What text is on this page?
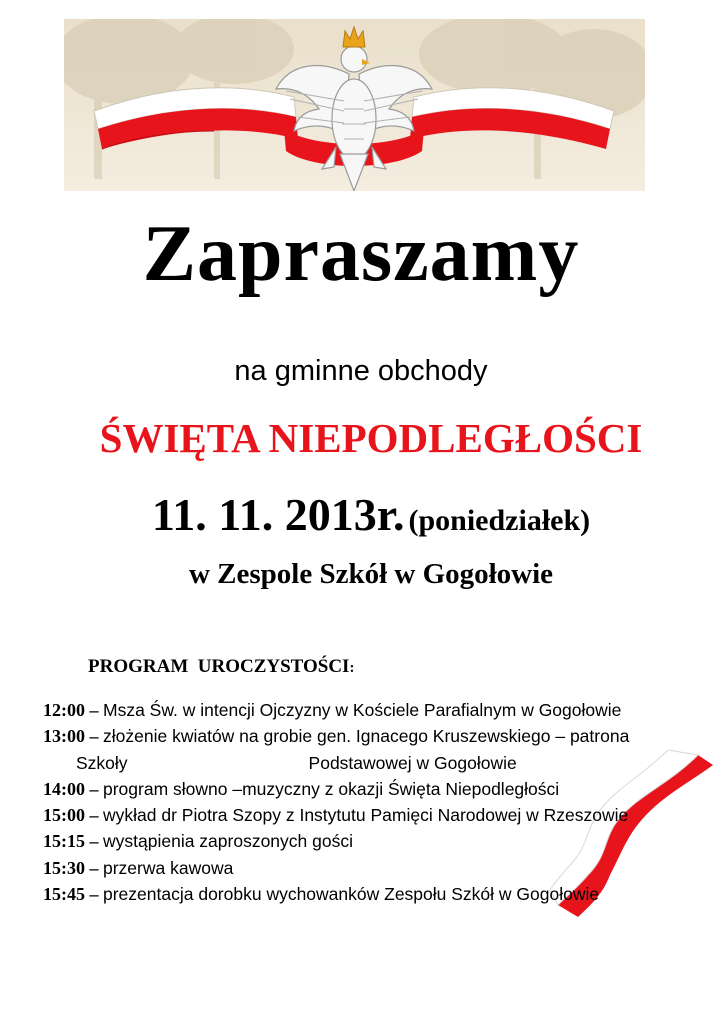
Zapraszamy
na gminne obchody
ŚWIĘTA NIEPODLEGŁOŚCI
11. 11. 2013r. (poniedziałek)
w Zespole Szkół w Gogołowie
PROGRAM  UROCZYSTOŚCI:
12:00 – Msza Św. w intencji Ojczyzny w Kościele Parafialnym w Gogołowie
13:00 – złożenie kwiatów na grobie gen. Ignacego Kruszewskiego – patrona
Szkoły	Podstawowej w Gogołowie
14:00 – program słowno –muzyczny z okazji Święta Niepodległości
15:00 – wykład dr Piotra Szopy z Instytutu Pamięci Narodowej w Rzeszowie
15:15 – wystąpienia zaproszonych gości
15:30 – przerwa kawowa
15:45 – prezentacja dorobku wychowanków Zespołu Szkół w Gogołowie
